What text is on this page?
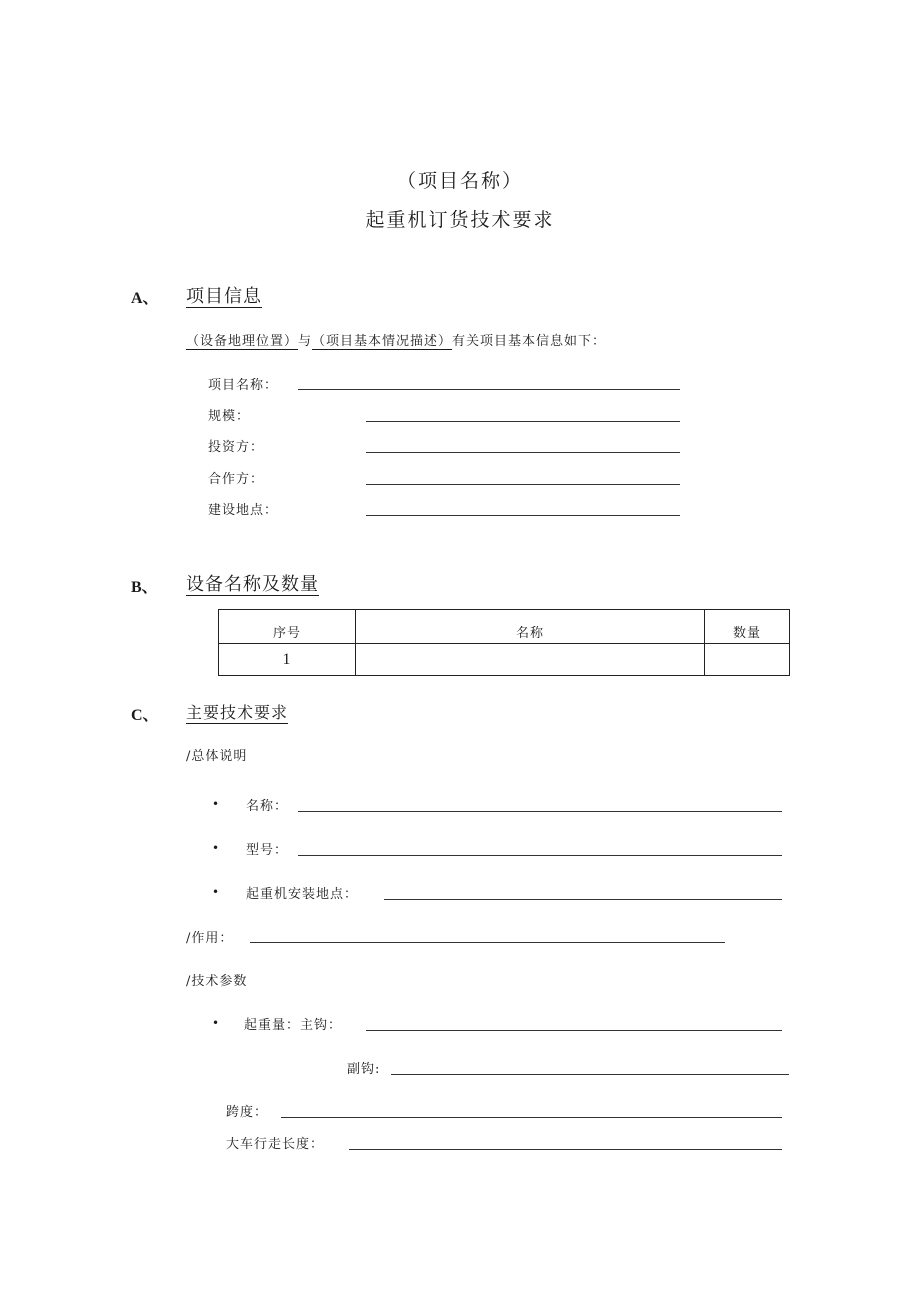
（项目名称）
起重机订货技术要求
A、 项目信息
（设备地理位置）与（项目基本情况描述）有关项目基本信息如下：
项目名称：
规模：
投资方：
合作方：
建设地点：
B、 设备名称及数量
序号	名称	数量
1		
C、 主要技术要求
/总体说明
• 名称：
• 型号：
• 起重机安装地点：
/作用：
/技术参数
• 起重量：主钩：
副钩:
跨度：
大车行走长度：
